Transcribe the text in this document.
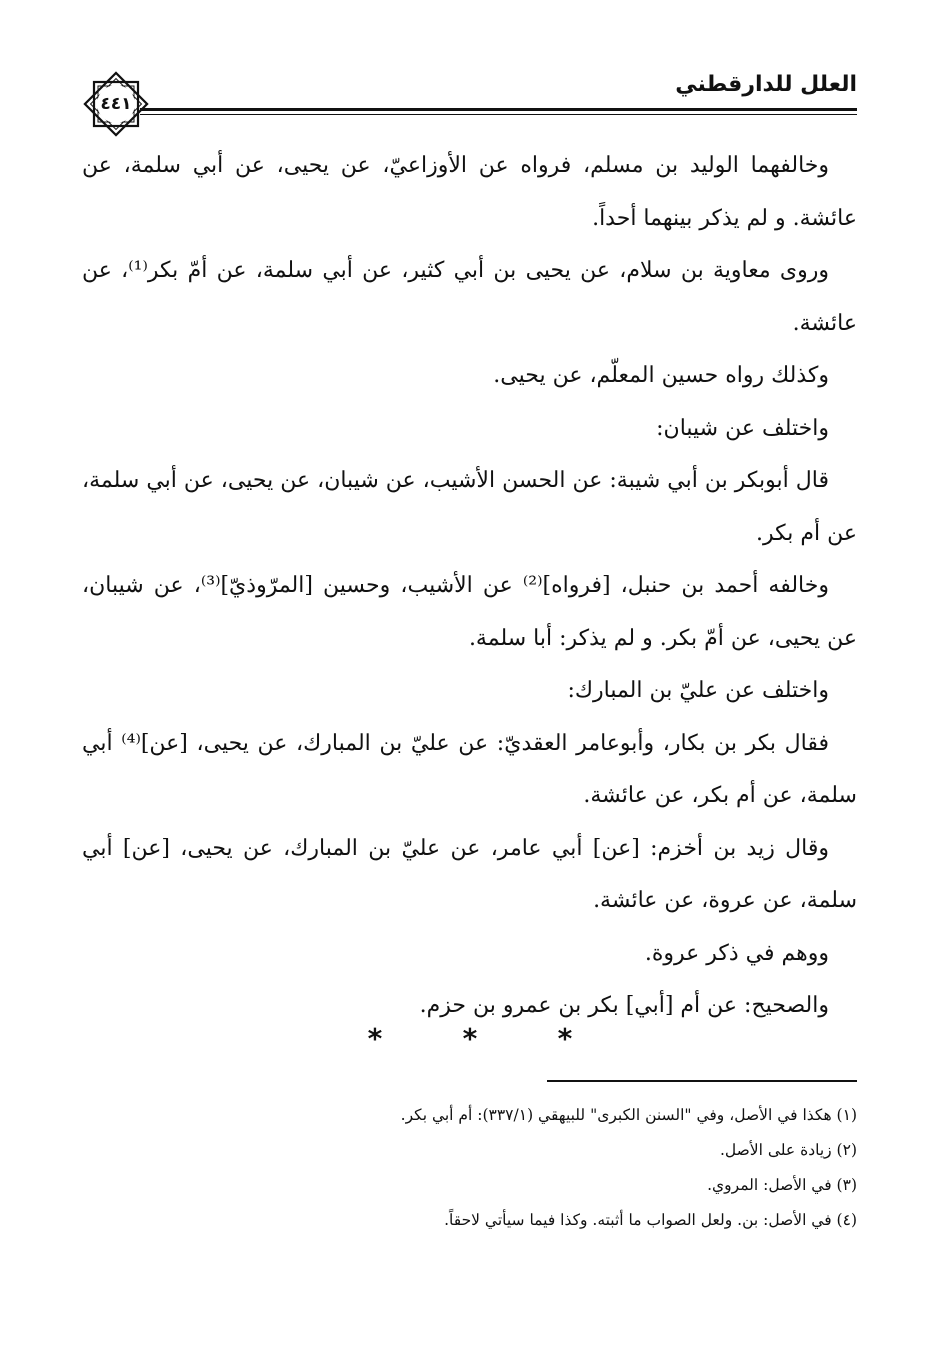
العلل للدارقطني
٤٤١

وخالفهما الوليد بن مسلم، فرواه عن الأوزاعيّ، عن يحيى، عن أبي سلمة، عن عائشة. و لم يذكر بينهما أحداً.

وروى معاوية بن سلام، عن يحيى بن أبي كثير، عن أبي سلمة، عن أمّ بكر⁽¹⁾، عن عائشة.

وكذلك رواه حسين المعلّم، عن يحيى.

واختلف عن شيبان:

قال أبوبكر بن أبي شيبة: عن الحسن الأشيب، عن شيبان، عن يحيى، عن أبي سلمة، عن أم بكر.

وخالفه أحمد بن حنبل، [فرواه]⁽²⁾ عن الأشيب، وحسين [المرّوذيّ]⁽³⁾، عن شيبان، عن يحيى، عن أمّ بكر. و لم يذكر: أبا سلمة.

واختلف عن عليّ بن المبارك:

فقال بكر بن بكار، وأبوعامر العقديّ: عن عليّ بن المبارك، عن يحيى، [عن]⁽⁴⁾ أبي سلمة، عن أم بكر، عن عائشة.

وقال زيد بن أخزم: [عن] أبي عامر، عن عليّ بن المبارك، عن يحيى، [عن] أبي سلمة، عن عروة، عن عائشة.

ووهم في ذكر عروة.

والصحيح: عن أم [أبي] بكر بن عمرو بن حزم.

*	*	*

(١) هكذا في الأصل، وفي "السنن الكبرى" للبيهقي (٣٣٧/١): أم أبي بكر.

(٢) زيادة على الأصل.

(٣) في الأصل: المروي.

(٤) في الأصل: بن. ولعل الصواب ما أثبته. وكذا فيما سيأتي لاحقاً.
